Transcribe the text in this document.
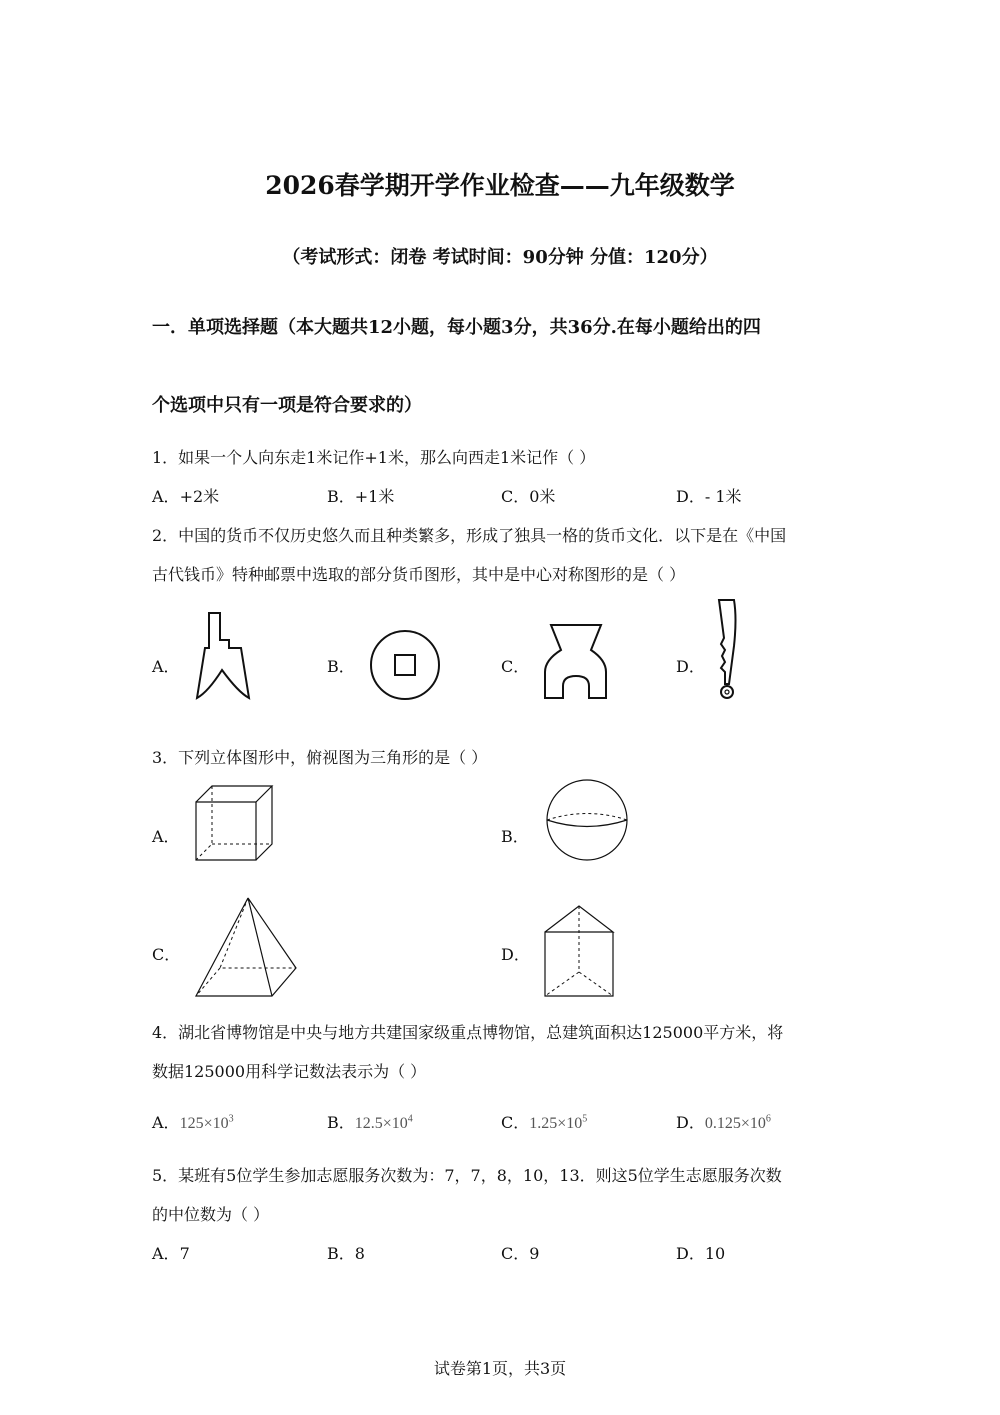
2026春学期开学作业检查——九年级数学
（考试形式：闭卷 考试时间：90分钟 分值：120分）
一．单项选择题（本大题共12小题，每小题3分，共36分.在每小题给出的四
个选项中只有一项是符合要求的）
1．如果一个人向东走1米记作+1米，那么向西走1米记作（ ）
A．+2米	B．+1米	C．0米	D．- 1米
2．中国的货币不仅历史悠久而且种类繁多，形成了独具一格的货币文化．以下是在《中国
古代钱币》特种邮票中选取的部分货币图形，其中是中心对称图形的是（ ）
A．	B．	C．	D．
3．下列立体图形中，俯视图为三角形的是（ ）
A．	B．
C．	D．
4．湖北省博物馆是中央与地方共建国家级重点博物馆，总建筑面积达125000平方米，将
数据125000用科学记数法表示为（ ）
A．$125\times 10^3$	B．$12.5\times 10^4$	C．$1.25\times 10^5$	D．$0.125\times 10^6$
5．某班有5位学生参加志愿服务次数为：7，7，8，10，13．则这5位学生志愿服务次数
的中位数为（ ）
A．7	B．8	C．9	D．10
试卷第1页，共3页
